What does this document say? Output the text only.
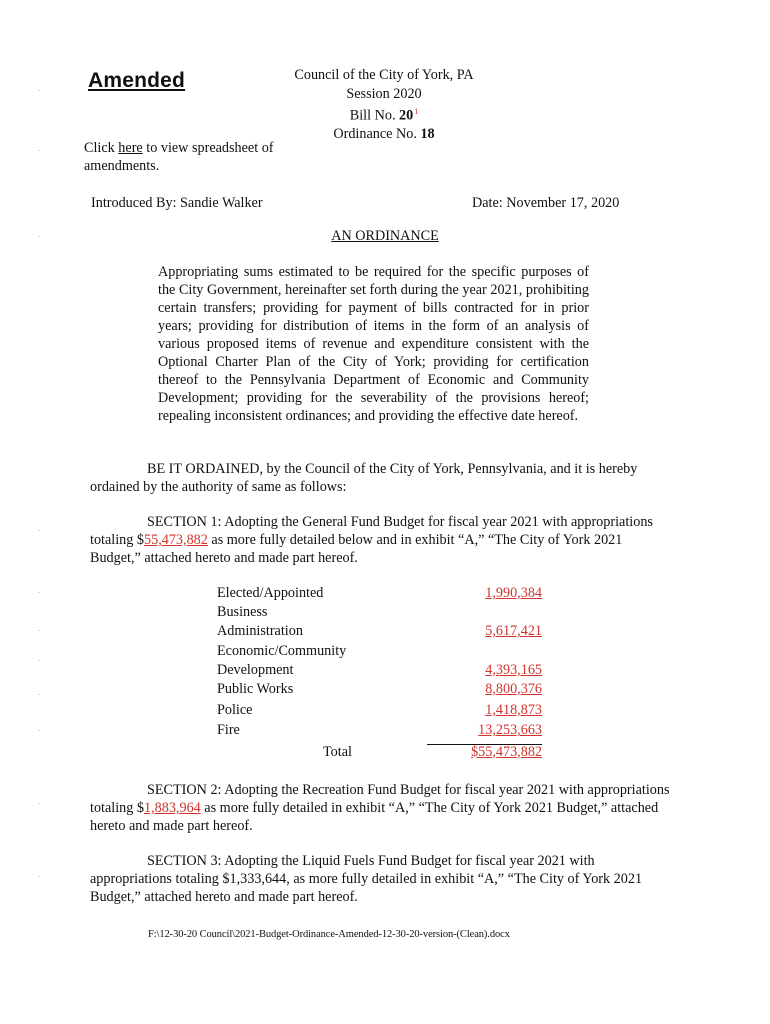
Amended	Council of the City of York, PA
Session 2020
Bill No. 20$^1$
Ordinance No. 18
Click here to view spreadsheet of amendments.
Introduced By: Sandie Walker	Date: November 17, 2020
AN ORDINANCE
Appropriating sums estimated to be required for the specific purposes of the City Government, hereinafter set forth during the year 2021, prohibiting certain transfers; providing for payment of bills contracted for in prior years; providing for distribution of items in the form of an analysis of various proposed items of revenue and expenditure consistent with the Optional Charter Plan of the City of York; providing for certification thereof to the Pennsylvania Department of Economic and Community Development; providing for the severability of the provisions hereof; repealing inconsistent ordinances; and providing the effective date hereof.
BE IT ORDAINED, by the Council of the City of York, Pennsylvania, and it is hereby ordained by the authority of same as follows:
SECTION 1: Adopting the General Fund Budget for fiscal year 2021 with appropriations totaling $55,473,882 as more fully detailed below and in exhibit “A,” “The City of York 2021 Budget,” attached hereto and made part hereof.
Elected/Appointed	1,990,384
Business
Administration	5,617,421
Economic/Community
Development	4,393,165
Public Works	8,800,376
Police	1,418,873
Fire	13,253,663
Total	$55,473,882
SECTION 2: Adopting the Recreation Fund Budget for fiscal year 2021 with appropriations totaling $1,883,964 as more fully detailed in exhibit “A,” “The City of York 2021 Budget,” attached hereto and made part hereof.
SECTION 3: Adopting the Liquid Fuels Fund Budget for fiscal year 2021 with appropriations totaling $1,333,644, as more fully detailed in exhibit “A,” “The City of York 2021 Budget,” attached hereto and made part hereof.
F:\12-30-20 Council\2021-Budget-Ordinance-Amended-12-30-20-version-(Clean).docx
